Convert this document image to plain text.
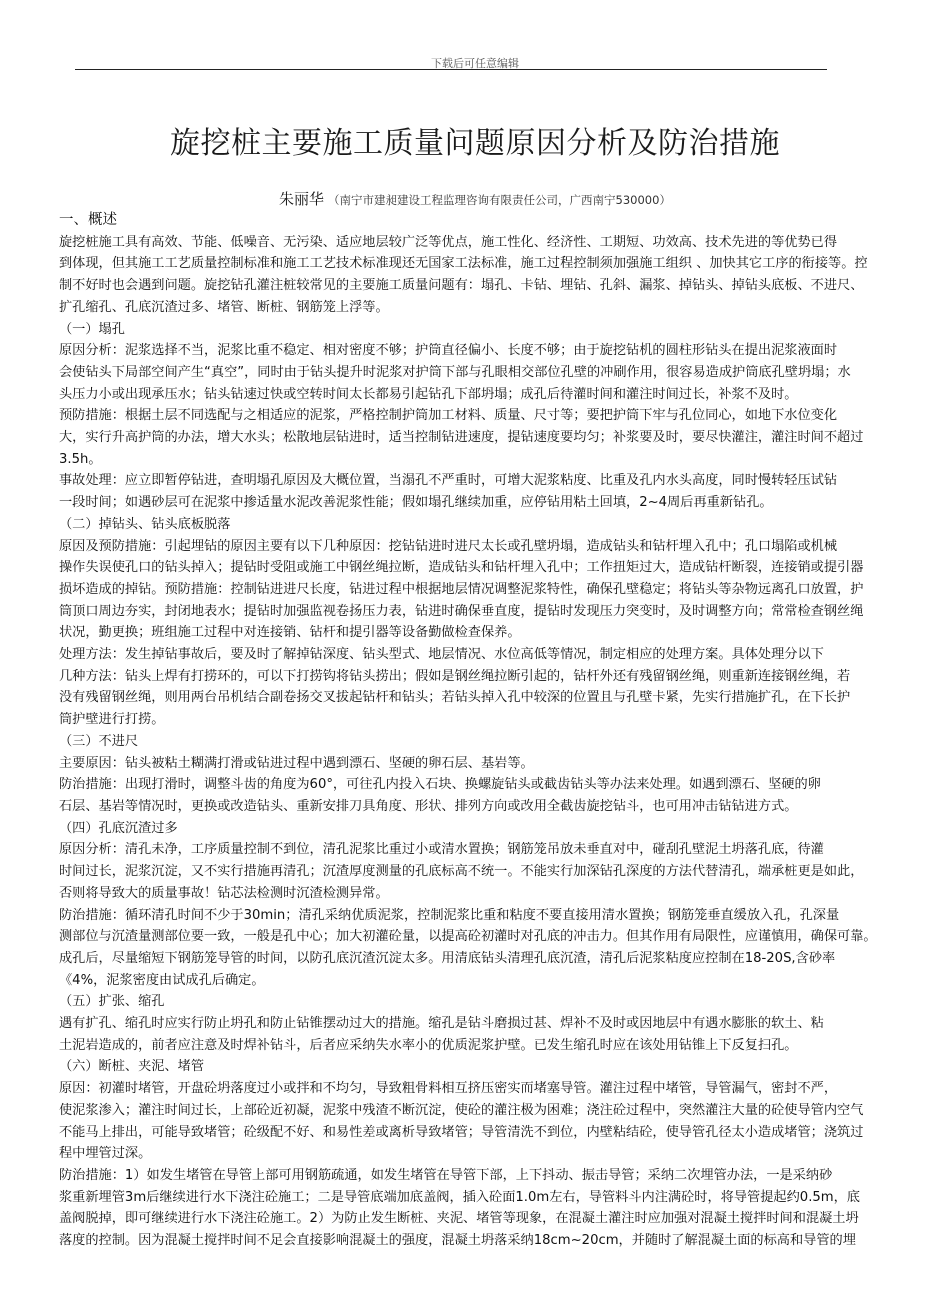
下载后可任意编辑
旋挖桩主要施工质量问题原因分析及防治措施
朱丽华 （南宁市建昶建设工程监理咨询有限责任公司，广西南宁530000）

一、概述

旋挖桩施工具有高效、节能、低噪音、无污染、适应地层较广泛等优点，施工性化、经济性、工期短、功效高、技术先进的等优势已得

到体现，但其施工工艺质量控制标准和施工工艺技术标准现还无国家工法标准，施工过程控制须加强施工组织 、加快其它工序的衔接等。控

制不好时也会遇到问题。旋挖钻孔灌注桩较常见的主要施工质量问题有：塌孔、卡钻、埋钻、孔斜、漏浆、掉钻头、掉钻头底板、不进尺、

扩孔缩孔、孔底沉渣过多、堵管、断桩、钢筋笼上浮等。

（一）塌孔

原因分析：泥浆选择不当，泥浆比重不稳定、相对密度不够；护筒直径偏小、长度不够；由于旋挖钻机的圆柱形钻头在提出泥浆液面时

会使钻头下局部空间产生“真空”，同时由于钻头提升时泥浆对护筒下部与孔眼相交部位孔壁的冲刷作用，很容易造成护筒底孔壁坍塌；水

头压力小或出现承压水；钻头钻速过快或空转时间太长都易引起钻孔下部坍塌；成孔后待灌时间和灌注时间过长，补浆不及时。

预防措施：根据土层不同选配与之相适应的泥浆，严格控制护筒加工材料、质量、尺寸等；要把护筒下牢与孔位同心，如地下水位变化

大，实行升高护筒的办法，增大水头；松散地层钻进时，适当控制钻进速度，提钻速度要均匀；补浆要及时，要尽快灌注，灌注时间不超过

3.5h。

事故处理：应立即暂停钻进，查明塌孔原因及大概位置，当溻孔不严重时，可增大泥浆粘度、比重及孔内水头高度，同时慢转轻压试钻

一段时间；如遇砂层可在泥浆中掺适量水泥改善泥浆性能；假如塌孔继续加重，应停钻用粘土回填，2~4周后再重新钻孔。

（二）掉钻头、钻头底板脱落

原因及预防措施：引起埋钻的原因主要有以下几种原因：挖钻钻进时进尺太长或孔壁坍塌，造成钻头和钻杆埋入孔中；孔口塌陷或机械

操作失误使孔口的钻头掉入；提钻时受阻或施工中钢丝绳拉断，造成钻头和钻杆埋入孔中；工作扭矩过大，造成钻杆断裂，连接销或提引器

损坏造成的掉钻。预防措施：控制钻进进尺长度，钻进过程中根据地层情况调整泥浆特性，确保孔壁稳定；将钻头等杂物远离孔口放置，护

筒顶口周边夯实，封闭地表水；提钻时加强监视卷扬压力表，钻进时确保垂直度，提钻时发现压力突变时，及时调整方向；常常检查钢丝绳

状况，勤更换；班组施工过程中对连接销、钻杆和提引器等设备勤做检查保养。

处理方法：发生掉钻事故后，要及时了解掉钻深度、钻头型式、地层情况、水位高低等情况，制定相应的处理方案。具体处理分以下

几种方法：钻头上焊有打捞环的，可以下打捞钩将钻头捞出；假如是钢丝绳拉断引起的，钻杆外还有残留钢丝绳，则重新连接钢丝绳，若

没有残留钢丝绳，则用两台吊机结合副卷扬交叉拔起钻杆和钻头；若钻头掉入孔中较深的位置且与孔壁卡紧，先实行措施扩孔，在下长护

筒护壁进行打捞。

（三）不进尺

主要原因：钻头被粘土糊满打滑或钻进过程中遇到漂石、坚硬的卵石层、基岩等。

防治措施：出现打滑时，调整斗齿的角度为60°，可往孔内投入石块、换螺旋钻头或截齿钻头等办法来处理。如遇到漂石、坚硬的卵

石层、基岩等情况时，更换或改造钻头、重新安排刀具角度、形状、排列方向或改用全截齿旋挖钻斗，也可用冲击钻钻进方式。

（四）孔底沉渣过多

原因分析：清孔未净，工序质量控制不到位，清孔泥浆比重过小或清水置换；钢筋笼吊放未垂直对中，碰刮孔壁泥土坍落孔底，待灌

时间过长，泥浆沉淀，又不实行措施再清孔；沉渣厚度测量的孔底标高不统一。不能实行加深钻孔深度的方法代替清孔，端承桩更是如此，

否则将导致大的质量事故！钻芯法检测时沉渣检测异常。

防治措施：循环清孔时间不少于30min；清孔采纳优质泥浆，控制泥浆比重和粘度不要直接用清水置换；钢筋笼垂直缓放入孔，孔深量

测部位与沉渣量测部位要一致，一般是孔中心；加大初灌砼量，以提高砼初灌时对孔底的冲击力。但其作用有局限性，应谨慎用，确保可靠。

成孔后，尽量缩短下钢筋笼导管的时间，以防孔底沉渣沉淀太多。用清底钻头清理孔底沉渣，清孔后泥浆粘度应控制在18-20S,含砂率

《4%，泥浆密度由试成孔后确定。

（五）扩张、缩孔

遇有扩孔、缩孔时应实行防止坍孔和防止钻锥摆动过大的措施。缩孔是钻斗磨损过甚、焊补不及时或因地层中有遇水膨胀的软土、粘

土泥岩造成的，前者应注意及时焊补钻斗，后者应采纳失水率小的优质泥浆护壁。已发生缩孔时应在该处用钻锥上下反复扫孔。

（六）断桩、夹泥、堵管

原因：初灌时堵管，开盘砼坍落度过小或拌和不均匀，导致粗骨料相互挤压密实而堵塞导管。灌注过程中堵管，导管漏气，密封不严，

使泥浆渗入；灌注时间过长，上部砼近初凝，泥浆中残渣不断沉淀，使砼的灌注极为困难；浇注砼过程中，突然灌注大量的砼使导管内空气

不能马上排出，可能导致堵管；砼级配不好、和易性差或离析导致堵管；导管清洗不到位，内壁粘结砼，使导管孔径太小造成堵管；浇筑过

程中埋管过深。

防治措施：1）如发生堵管在导管上部可用钢筋疏通，如发生堵管在导管下部，上下抖动、振击导管；采纳二次埋管办法，一是采纳砂

浆重新埋管3m后继续进行水下浇注砼施工；二是导管底端加底盖阀，插入砼面1.0m左右，导管料斗内注满砼时，将导管提起约0.5m，底

盖阀脱掉，即可继续进行水下浇注砼施工。2）为防止发生断桩、夹泥、堵管等现象，在混凝土灌注时应加强对混凝土搅拌时间和混凝土坍

落度的控制。因为混凝土搅拌时间不足会直接影响混凝土的强度，混凝土坍落采纳18cm~20cm，并随时了解混凝土面的标高和导管的埋
